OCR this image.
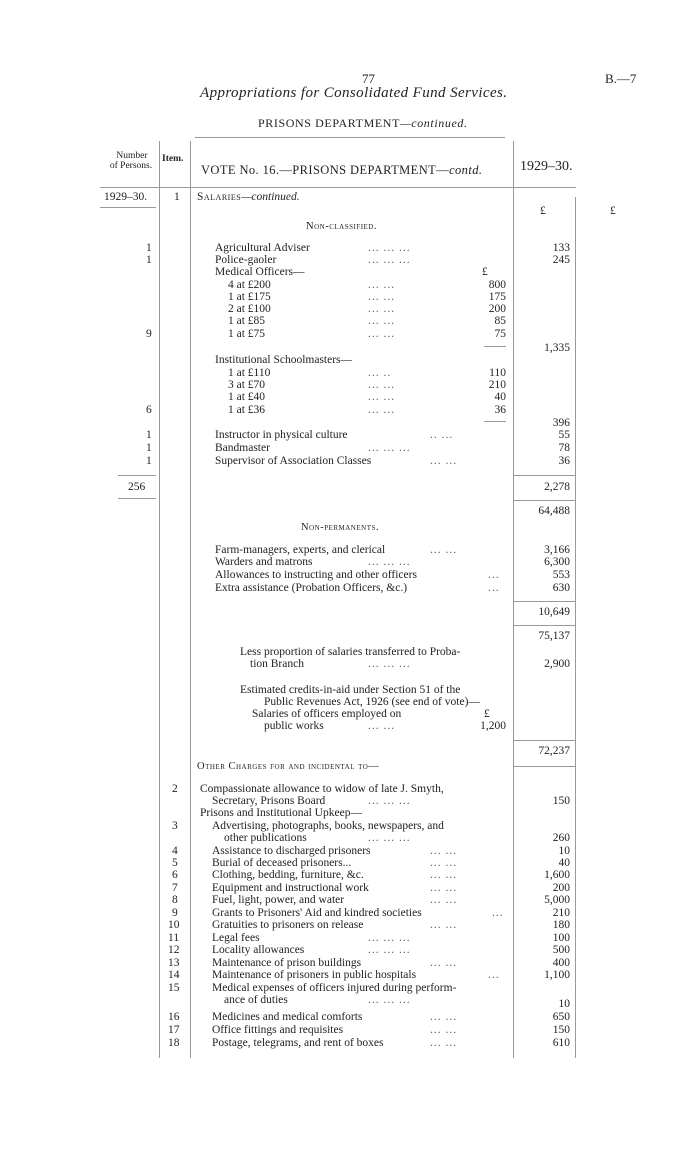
77	B.—7
Appropriations for Consolidated Fund Services.
PRISONS DEPARTMENT—continued.
Number
of Persons.
Item.
VOTE No. 16.—PRISONS DEPARTMENT—contd.	1929–30.
1929–30. 1 Salaries—continued.
£	£
Non-classified.
1	Agricultural Adviser	... ... ...	133
1	Police-gaoler	... ... ...	245
Medical Officers—	£
4 at £200	... ...	800
1 at £175	... ...	175
2 at £100	... ...	200
1 at £85	... ...	85
9	1 at £75	... ...	75
1,335
Institutional Schoolmasters—
1 at £110	... ..	110
3 at £70	... ...	210
1 at £40	... ...	40
6	1 at £36	... ...	36
396
1	Instructor in physical culture	.. ...	55
1	Bandmaster	... ... ...	78
1	Supervisor of Association Classes	... ...	36
256	2,278
64,488
Non-permanents.
Farm-managers, experts, and clerical	... ...	3,166
Warders and matrons	... ... ...	6,300
Allowances to instructing and other officers	...	553
Extra assistance (Probation Officers, &c.)	...	630
10,649
75,137
Less proportion of salaries transferred to Proba-
tion Branch	... ... ...	2,900
Estimated credits-in-aid under Section 51 of the
Public Revenues Act, 1926 (see end of vote)—
Salaries of officers employed on	£
public works	... ...	1,200
72,237
Other Charges for and incidental to—
2 Compassionate allowance to widow of late J. Smyth,
Secretary, Prisons Board	... ... ...	150
Prisons and Institutional Upkeep—
3	Advertising, photographs, books, newspapers, and
other publications	... ... ...	260
4	Assistance to discharged prisoners	... ...	10
5	Burial of deceased prisoners...	... ...	40
6	Clothing, bedding, furniture, &c.	... ...	1,600
7	Equipment and instructional work	... ...	200
8	Fuel, light, power, and water	... ...	5,000
9	Grants to Prisoners' Aid and kindred societies	...	210
10	Gratuities to prisoners on release	... ...	180
11	Legal fees	... ... ...	100
12	Locality allowances	... ... ...	500
13	Maintenance of prison buildings	... ...	400
14	Maintenance of prisoners in public hospitals	...	1,100
15	Medical expenses of officers injured during perform-
ance of duties	... ... ...	10
16	Medicines and medical comforts	... ...	650
17	Office fittings and requisites	... ...	150
18	Postage, telegrams, and rent of boxes	... ...	610
